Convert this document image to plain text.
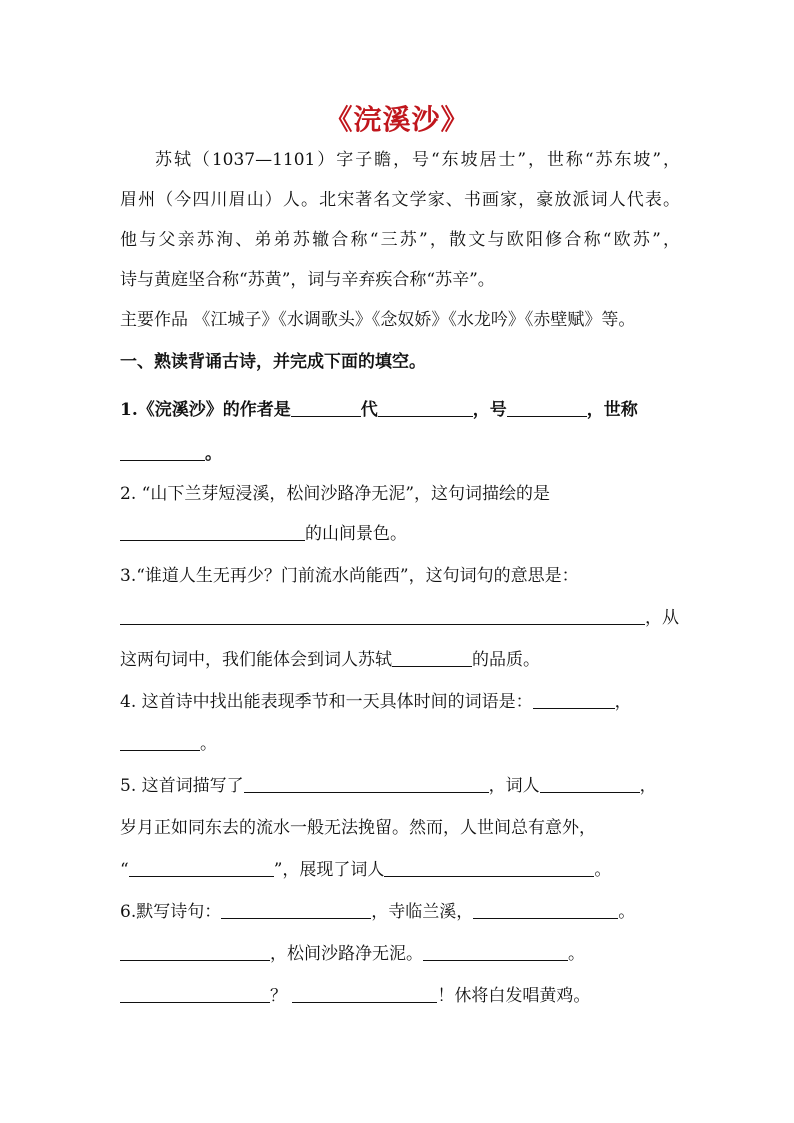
《浣溪沙》
苏轼（1037—1101）字子瞻，号“东坡居士”，世称“苏东坡”，
眉州（今四川眉山）人。北宋著名文学家、书画家，豪放派词人代表。
他与父亲苏洵、弟弟苏辙合称“三苏”，散文与欧阳修合称“欧苏”，
诗与黄庭坚合称“苏黄”，词与辛弃疾合称“苏辛”。
主要作品 《江城子》《水调歌头》《念奴娇》《水龙吟》《赤壁赋》等。
一、熟读背诵古诗，并完成下面的填空。
1.《浣溪沙》的作者是	代	，号	，世称
。
2. “山下兰芽短浸溪，松间沙路净无泥”，这句词描绘的是
的山间景色。
3.“谁道人生无再少？门前流水尚能西”，这句词句的意思是：
，从
这两句词中，我们能体会到词人苏轼	的品质。
4. 这首诗中找出能表现季节和一天具体时间的词语是：	，
。
5. 这首词描写了	，词人	，
岁月正如同东去的流水一般无法挽留。然而，人世间总有意外，
“	”，展现了词人	。
6.默写诗句：	，寺临兰溪，	。
，松间沙路净无泥。	。
？	！休将白发唱黄鸡。
